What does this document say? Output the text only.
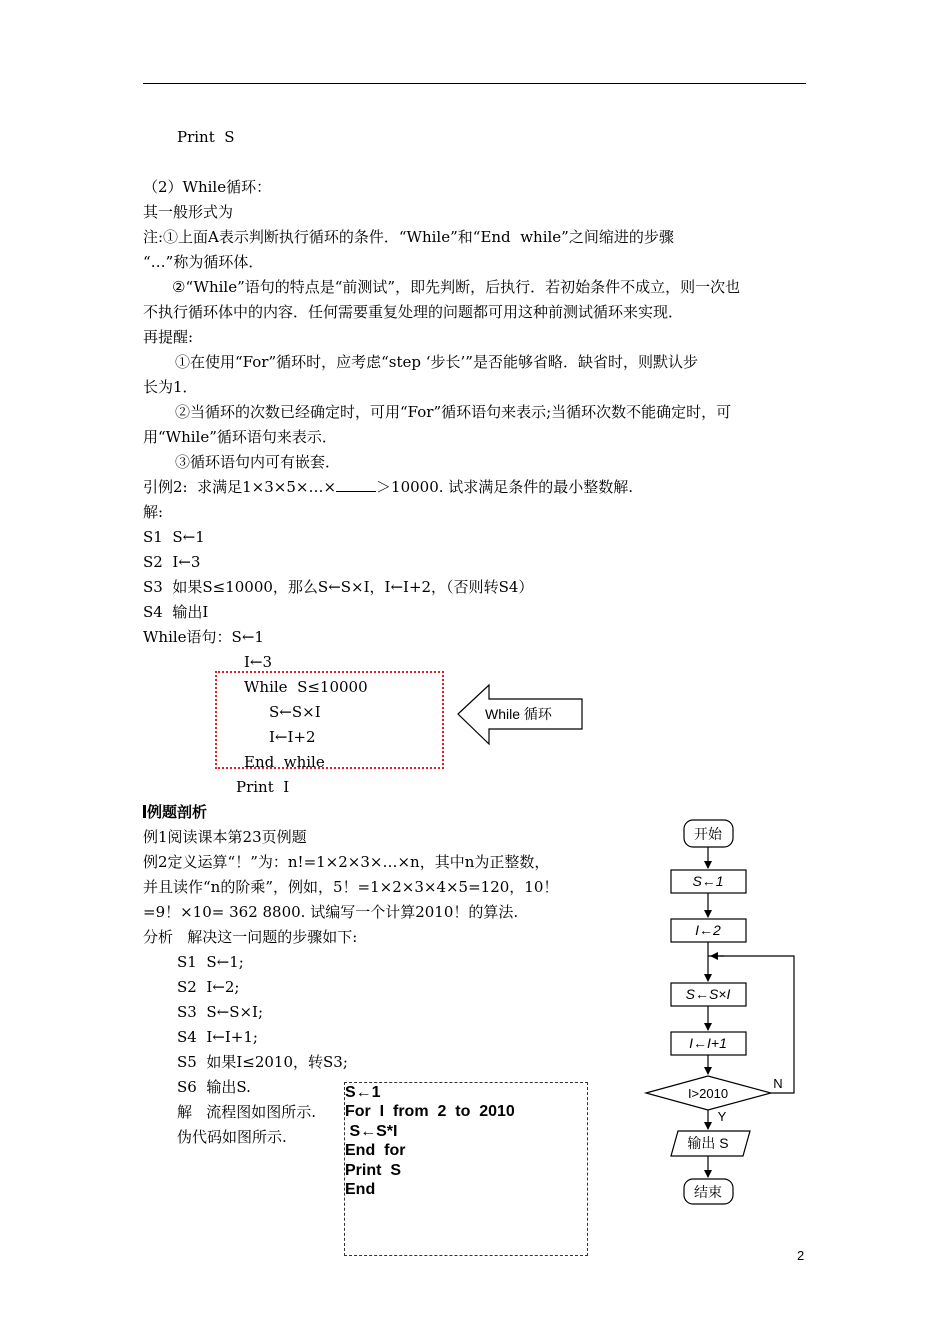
Print  S
（2）While循环：
其一般形式为
注:①上面A表示判断执行循环的条件．“While”和“End  while”之间缩进的步骤
“…”称为循环体．
②“While”语句的特点是“前测试”，即先判断，后执行．若初始条件不成立，则一次也
不执行循环体中的内容．任何需要重复处理的问题都可用这种前测试循环来实现．
再提醒:
①在使用“For”循环时，应考虑“step ‘步长’”是否能够省略．缺省时，则默认步
长为1．
②当循环的次数已经确定时，可用“For”循环语句来表示;当循环次数不能确定时，可
用“While”循环语句来表示．
③循环语句内可有嵌套．
引例2:  求满足1×3×5×…×	＞10000. 试求满足条件的最小整数解.
解:
S1  S←1
S2  I←3
S3  如果S≤10000，那么S←S×I，I←I+2，（否则转S4）
S4  输出I
While语句：S←1
I←3
While  S≤10000
S←S×I
I←I+2
End  while
Print  I
While 循环
例题剖析
例1阅读课本第23页例题
例2定义运算“！”为：n!=1×2×3×…×n，其中n为正整数，
并且读作“n的阶乘”，例如，5！=1×2×3×4×5=120，10！
=9！×10= 362 8800. 试编写一个计算2010！的算法.
分析   解决这一问题的步骤如下:
S1  S←1;
S2  I←2;
S3  S←S×I;
S4  I←I+1;
S5  如果I≤2010，转S3;
S6  输出S.
解   流程图如图所示.
伪代码如图所示.
S←1
For  I  from  2  to  2010
S←S*I
End  for
Print  S
End
开始
S←1
I←2
S←S×I
I←I+1
I>2010
N
Y
输出 S
结束
2
